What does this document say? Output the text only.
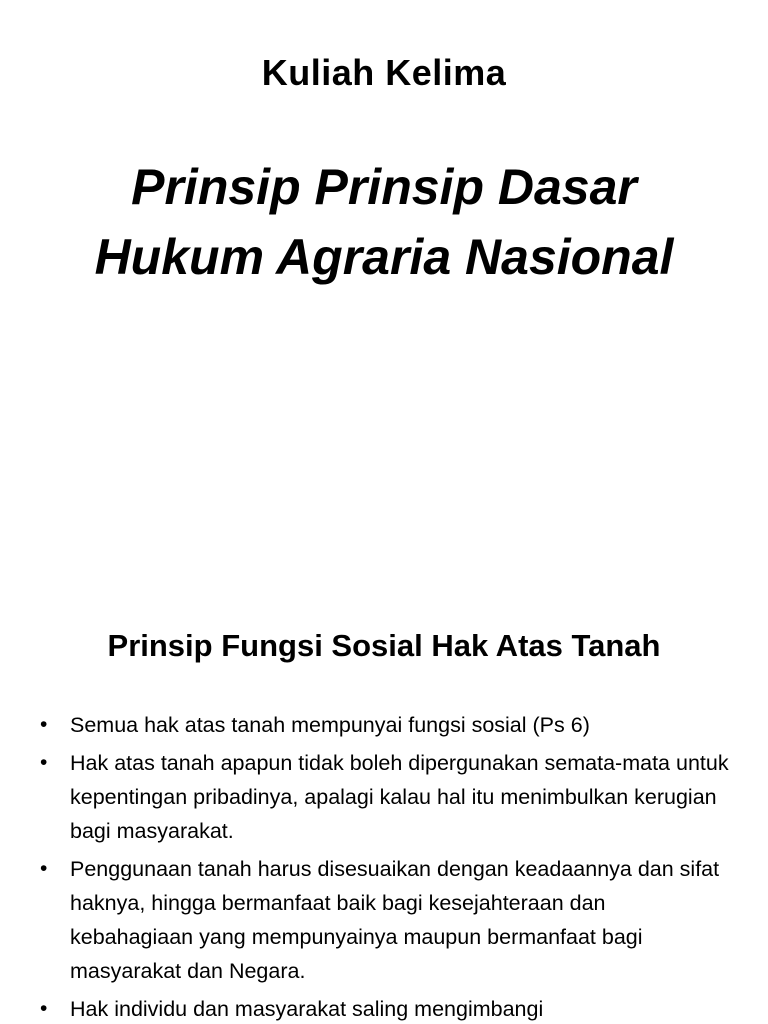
Kuliah Kelima
Prinsip Prinsip Dasar
Hukum Agraria Nasional
Prinsip Fungsi Sosial Hak Atas Tanah
• Semua hak atas tanah mempunyai fungsi sosial (Ps 6)
• Hak atas tanah apapun tidak boleh dipergunakan semata-mata untuk kepentingan pribadinya, apalagi kalau hal itu menimbulkan kerugian bagi masyarakat.
• Penggunaan tanah harus disesuaikan dengan keadaannya dan sifat haknya, hingga bermanfaat baik bagi kesejahteraan dan kebahagiaan yang mempunyainya maupun bermanfaat bagi masyarakat dan Negara.
• Hak individu dan masyarakat saling mengimbangi
